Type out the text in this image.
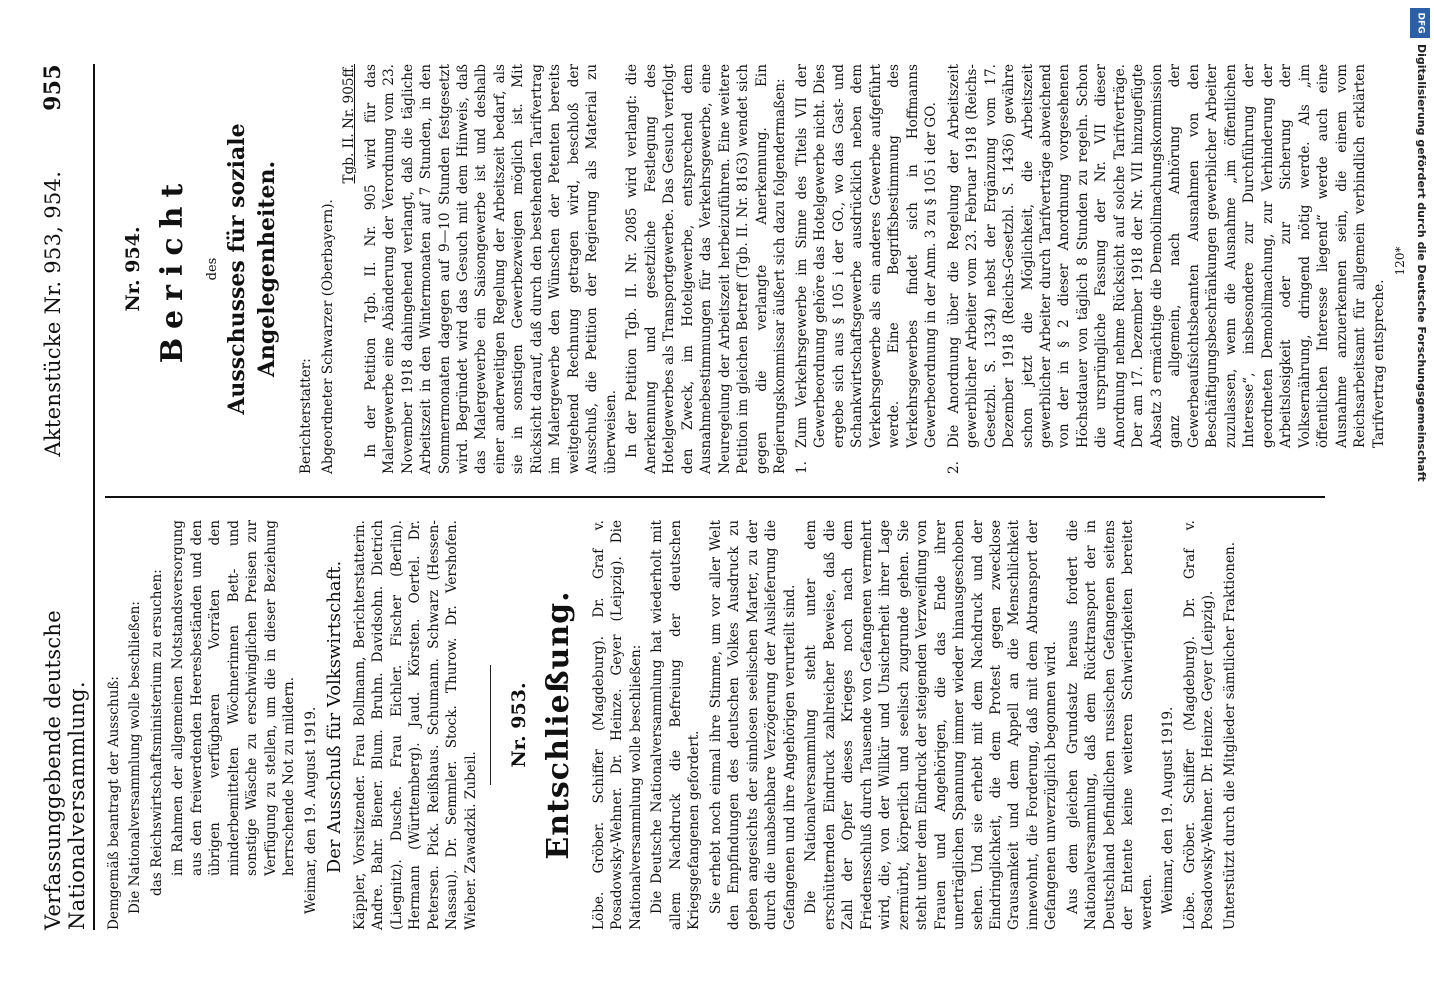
Verfassunggebende deutsche Nationalversammlung.
Aktenstücke Nr. 953, 954.
955

Demgemäß beantragt der Ausschuß: Die Nationalversammlung wolle beschließen: das Reichswirtschaftsministerium zu ersuchen: im Rahmen der allgemeinen Notstandsversorgung aus den freiwerdenden Heeresbeständen und den übrigen verfügbaren Vorräten den minderbemittelten Wöchnerinnen Bett- und sonstige Wäsche zu erschwinglichen Preisen zur Verfügung zu stellen, um die in dieser Beziehung herrschende Not zu mildern. Weimar, den 19. August 1919. Der Ausschuß für Volkswirtschaft. Käppler, Vorsitzender. Frau Bollmann, Berichterstatterin. Andre. Bahr. Biener. Blum. Bruhn. Davidsohn. Dietrich (Liegnitz). Dusche. Frau Eichler. Fischer (Berlin). Hermann (Württemberg). Jaud. Körsten. Oertel. Dr. Petersen. Pick. Reißhaus. Schumann. Schwarz (Hessen-Nassau). Dr. Semmler. Stock. Thurow. Dr. Vershofen. Wieber. Zawadzki. Zubeil.

Nr. 953. Entschließung. Löbe. Gröber. Schiffer (Magdeburg). Dr. Graf v. Posadowsky-Wehner. Dr. Heinze. Geyer (Leipzig). Die Nationalversammlung wolle beschließen: Die Deutsche Nationalversammlung hat wiederholt mit allem Nachdruck die Befreiung der deutschen Kriegsgefangenen gefordert. Sie erhebt noch einmal ihre Stimme, um vor aller Welt den Empfindungen des deutschen Volkes Ausdruck zu geben angesichts der sinnlosen seelischen Marter, zu der durch die unabsehbare Verzögerung der Auslieferung die Gefangenen und ihre Angehörigen verurteilt sind. Die Nationalversammlung steht unter dem erschütternden Eindruck zahlreicher Beweise, daß die Zahl der Opfer dieses Krieges noch nach dem Friedensschluß durch Tausende von Gefangenen vermehrt wird, die, von der Willkür und Unsicherheit ihrer Lage zermürbt, körperlich und seelisch zugrunde gehen. Sie steht unter dem Eindruck der steigenden Verzweiflung von Frauen und Angehörigen, die das Ende ihrer unerträglichen Spannung immer wieder hinausgeschoben sehen. Und sie erhebt mit dem Nachdruck und der Eindringlichkeit, die dem Protest gegen zwecklose Grausamkeit und dem Appell an die Menschlichkeit innewohnt, die Forderung, daß mit dem Abtransport der Gefangenen unverzüglich begonnen wird. Aus dem gleichen Grundsatz heraus fordert die Nationalversammlung, daß dem Rücktransport der in Deutschland befindlichen russischen Gefangenen seitens der Entente keine weiteren Schwierigkeiten bereitet werden. Weimar, den 19. August 1919. Löbe. Gröber. Schiffer (Magdeburg). Dr. Graf v. Posadowsky-Wehner. Dr. Heinze. Geyer (Leipzig). Unterstützt durch die Mitglieder sämtlicher Fraktionen.

Nr. 954. Bericht des Ausschusses für soziale Angelegenheiten.

Berichterstatter: Abgeordneter Schwarzer (Oberbayern).

Tgb. II. Nr. 905ff. In der Petition Tgb. II. Nr. 905 wird für das Malergewerbe eine Abänderung der Verordnung vom 23. November 1918 dahingehend verlangt, daß die tägliche Arbeitszeit in den Wintermonaten auf 7 Stunden, in den Sommermonaten dagegen auf 9—10 Stunden festgesetzt wird. Begründet wird das Gesuch mit dem Hinweis, daß das Malergewerbe ein Saisongewerbe ist und deshalb einer anderweitigen Regelung der Arbeitszeit bedarf, als sie in sonstigen Gewerbezweigen möglich ist. Mit Rücksicht darauf, daß durch den bestehenden Tarifvertrag im Malergewerbe den Wünschen der Petenten bereits weitgehend Rechnung getragen wird, beschloß der Ausschuß, die Petition der Regierung als Material zu überweisen. In der Petition Tgb. II. Nr. 2085 wird verlangt: die Anerkennung und gesetzliche Festlegung des Hotelgewerbes als Transportgewerbe. Das Gesuch verfolgt den Zweck, im Hotelgewerbe, entsprechend dem Ausnahmebestimmungen für das Verkehrsgewerbe, eine Neuregelung der Arbeitszeit herbeizuführen. Eine weitere Petition im gleichen Betreff (Tgb. II. Nr. 8163) wendet sich gegen die verlangte Anerkennung. Ein Regierungskommissar äußert sich dazu folgendermaßen: 1.
Zum Verkehrsgewerbe im Sinne des Titels VII der Gewerbeordnung gehöre das Hotelgewerbe nicht. Dies ergebe sich aus § 105 i der GO., wo das Gast- und Schankwirtschaftsgewerbe ausdrücklich neben dem Verkehrsgewerbe als ein anderes Gewerbe aufgeführt werde. Eine Begriffsbestimmung des Verkehrsgewerbes findet sich in Hoffmanns Gewerbeordnung in der Anm. 3 zu § 105 i der GO.
2.
Die Anordnung über die Regelung der Arbeitszeit gewerblicher Arbeiter vom 23. Februar 1918 (Reichs-Gesetzbl. S. 1334) nebst der Ergänzung vom 17. Dezember 1918 (Reichs-Gesetzbl. S. 1436) gewähre schon jetzt die Möglichkeit, die Arbeitszeit gewerblicher Arbeiter durch Tarifverträge abweichend von der in § 2 dieser Anordnung vorgesehenen Höchstdauer von täglich 8 Stunden zu regeln. Schon die ursprüngliche Fassung der Nr. VII dieser Anordnung nehme Rücksicht auf solche Tarifverträge. Der am 17. Dezember 1918 der Nr. VII hinzugefügte Absatz 3 ermächtige die Demobilmachungskommission ganz allgemein, nach Anhörung der Gewerbeaufsichtsbeamten Ausnahmen von den Beschäftigungsbeschränkungen gewerblicher Arbeiter zuzulassen, wenn die Ausnahme „im öffentlichen Interesse“, insbesondere zur Durchführung der geordneten Demobilmachung, zur Verhinderung der Arbeitslosigkeit oder zur Sicherung der Volksernährung, dringend nötig werde. Als „im öffentlichen Interesse liegend“ werde auch eine Ausnahme anzuerkennen sein, die einem vom Reichsarbeitsamt für allgemein verbindlich erklärten Tarifvertrag entspreche.

120*

DFG
Digitalisierung gefördert durch die Deutsche Forschungsgemeinschaft
